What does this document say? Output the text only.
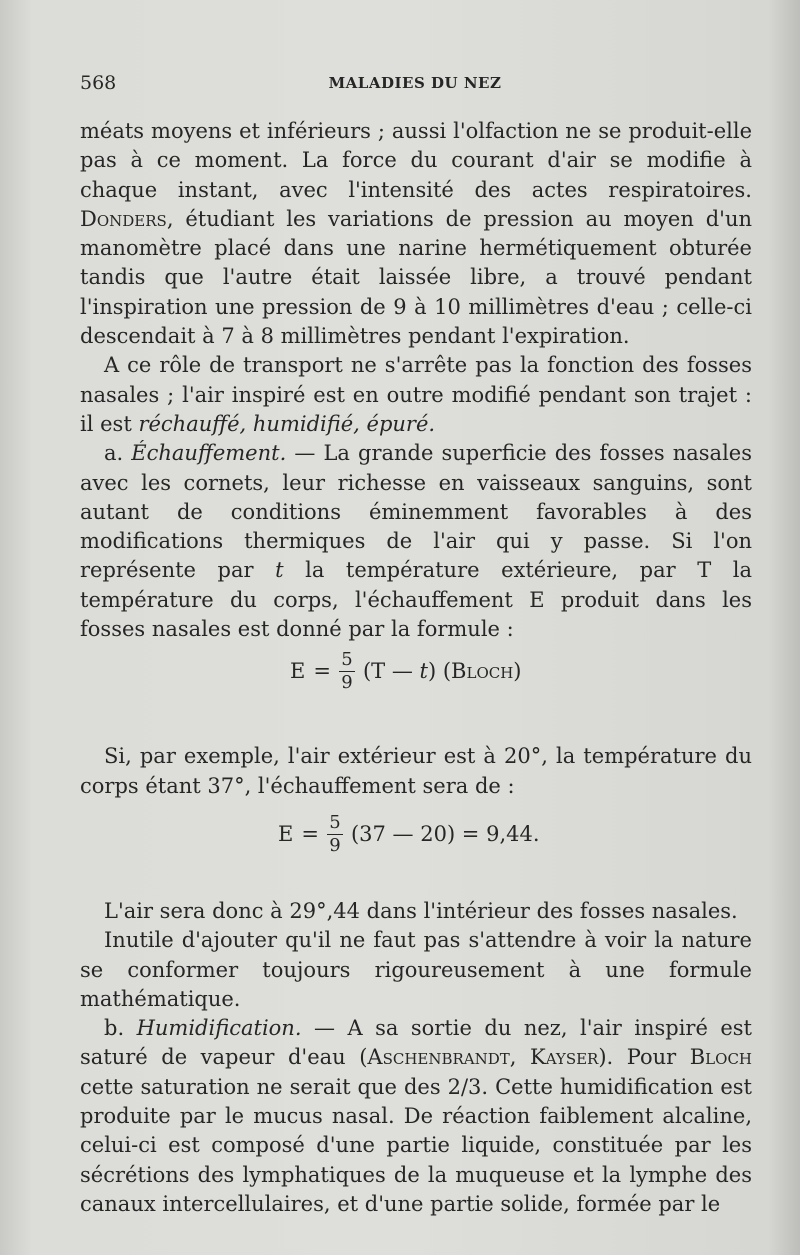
568	MALADIES DU NEZ

méats moyens et inférieurs ; aussi l'olfaction ne se produit-elle pas à ce moment. La force du courant d'air se modifie à chaque instant, avec l'intensité des actes respiratoires. Donders, étudiant les variations de pression au moyen d'un manomètre placé dans une narine hermétiquement obturée tandis que l'autre était laissée libre, a trouvé pendant l'inspiration une pression de 9 à 10 millimètres d'eau ; celle-ci descendait à 7 à 8 millimètres pendant l'expiration.

A ce rôle de transport ne s'arrête pas la fonction des fosses nasales ; l'air inspiré est en outre modifié pendant son trajet : il est réchauffé, humidifié, épuré.

a. Échauffement. — La grande superficie des fosses nasales avec les cornets, leur richesse en vaisseaux sanguins, sont autant de conditions éminemment favorables à des modifications thermiques de l'air qui y passe. Si l'on représente par t la température extérieure, par T la température du corps, l'échauffement E produit dans les fosses nasales est donné par la formule :

$E = \frac{5}{9} (T$ — t) (Bloch)

Si, par exemple, l'air extérieur est à 20°, la température du corps étant 37°, l'échauffement sera de :

$E = \frac{5}{9} (37$ — 20) = 9,44.

L'air sera donc à 29°,44 dans l'intérieur des fosses nasales.

Inutile d'ajouter qu'il ne faut pas s'attendre à voir la nature se conformer toujours rigoureusement à une formule mathématique.

b. Humidification. — A sa sortie du nez, l'air inspiré est saturé de vapeur d'eau (Aschenbrandt, Kayser). Pour Bloch cette saturation ne serait que des 2/3. Cette humidification est produite par le mucus nasal. De réaction faiblement alcaline, celui-ci est composé d'une partie liquide, constituée par les sécrétions des lymphatiques de la muqueuse et la lymphe des canaux intercellulaires, et d'une partie solide, formée par le
